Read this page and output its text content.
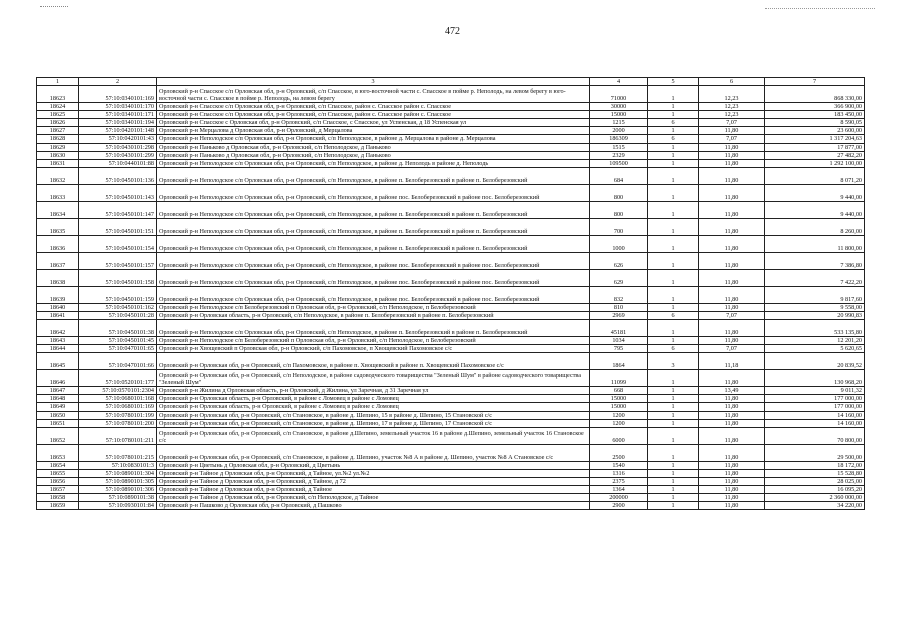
472
1	2	3	4	5	6	7
18623	57:10:0340101:169	Орловский р-н Спасское с/п Орловская обл, р-н Орловский, с/п Спасское, в юго-восточной части с. Спасское в пойме р. Неполодь, на левом берегу в юго-восточной части с. Спасское в пойме р. Неполодь, на левом берегу	71000	1	12,23	868 330,00
18624	57:10:0340101:170	Орловский р-н Спасское с/п Орловская обл, р-н Орловский, с/п Спасское, район с. Спасское район с. Спасское	30000	1	12,23	366 900,00
18625	57:10:0340101:171	Орловский р-н Спасское с/п Орловская обл, р-н Орловский, с/п Спасское, район с. Спасское район с. Спасское	15000	1	12,23	183 450,00
18626	57:10:0340101:194	Орловский р-н Спасское с Орловская обл, р-н Орловский, с/п Спасское, с Спасское, ул Успенская, д 18 Успенская ул	1215	6	7,07	8 590,05
18627	57:10:0420101:148	Орловский р-н Мерцалова д Орловская обл, р-н Орловский, д Мерцалова	2000	1	11,80	23 600,00
18628	57:10:0420101:43	Орловский р-н Неполодское с/п Орловская обл, р-н Орловский, с/п Неполодское, в районе д. Мерцалова в районе д. Мерцалова	186309	6	7,07	1 317 204,63
18629	57:10:0430101:298	Орловский р-н Паньково д Орловская обл, р-н Орловский, с/п Неполодское, д Паньково	1515	1	11,80	17 877,00
18630	57:10:0430101:299	Орловский р-н Паньково д Орловская обл, р-н Орловский, с/п Неполодское, д Паньково	2329	1	11,80	27 482,20
18631	57:10:0440101:88	Орловский р-н Неполодское с/п Орловская обл, р-н Орловский, с/п Неполодское, в районе д. Неполодь в районе д. Неполодь	109500	1	11,80	1 292 100,00
18632	57:10:0450101:136	Орловский р-н Неполодское с/п Орловская обл, р-н Орловский, с/п Неполодское, в районе п. Белоберезовский в районе п. Белоберезовский	684	1	11,80	8 071,20
18633	57:10:0450101:143	Орловский р-н Неполодское с/п Орловская обл, р-н Орловский, с/п Неполодское, в районе пос. Белоберезовский в районе пос. Белоберезовский	800	1	11,80	9 440,00
18634	57:10:0450101:147	Орловский р-н Неполодское с/п Орловская обл, р-н Орловский, с/п Неполодское, в районе п. Белоберезовский в районе п. Белоберезовский	800	1	11,80	9 440,00
18635	57:10:0450101:151	Орловский р-н Неполодское с/п Орловская обл, р-н Орловский, с/п Неполодское, в районе п. Белоберезовский в районе п. Белоберезовский	700	1	11,80	8 260,00
18636	57:10:0450101:154	Орловский р-н Неполодское с/п Орловская обл, р-н Орловский, с/п Неполодское, в районе п. Белоберезовский в районе п. Белоберезовский	1000	1	11,80	11 800,00
18637	57:10:0450101:157	Орловский р-н Неполодское с/п Орловская обл, р-н Орловский, с/п Неполодское, в районе пос. Белоберезовский в районе пос. Белоберезовский	626	1	11,80	7 386,80
18638	57:10:0450101:158	Орловский р-н Неполодское с/п Орловская обл, р-н Орловский, с/п Неполодское, в районе пос. Белоберезовский в районе пос. Белоберезовский	629	1	11,80	7 422,20
18639	57:10:0450101:159	Орловский р-н Неполодское с/п Орловская обл, р-н Орловский, с/п Неполодское, в районе пос. Белоберезовский в районе пос. Белоберезовский	832	1	11,80	9 817,60
18640	57:10:0450101:162	Орловский р-н Неполодское с/п Белоберезовский п Орловская обл, р-н Орловский, с/п Неполодское, п Белоберезовский	810	1	11,80	9 558,00
18641	57:10:0450101:28	Орловский р-н Орловская область, р-н Орловский, с/п Неполодское, в районе п. Белоберезовский в районе п. Белоберезовский	2969	6	7,07	20 990,83
18642	57:10:0450101:38	Орловский р-н Неполодское с/п Орловская обл, р-н Орловский, с/п Неполодское, в районе п. Белоберезовский в районе п. Белоберезовский	45181	1	11,80	533 135,80
18643	57:10:0450101:45	Орловский р-н Неполодское с/п Белоберезовский п Орловская обл, р-н Орловский, с/п Неполодское, п Белоберезовский	1034	1	11,80	12 201,20
18644	57:10:0470101:65	Орловский р-н Хвощевский п Орловская обл, р-н Орловский, с/п Пахомовское, п Хвощевский Пахомовское с/с	795	6	7,07	5 620,65
18645	57:10:0470101:66	Орловский р-н Орловская обл, р-н Орловский, с/п Пахомовское, в районе п. Хвощевский в районе п. Хвощевский Пахомовское с/с	1864	3	11,18	20 839,52
18646	57:10:0520101:177	Орловский р-н Орловская обл, р-н Орловский, с/п Неполодское, в районе садоводческого товарищества "Зеленый Шум" в районе садоводческого товарищества "Зеленый Шум"	11099	1	11,80	130 968,20
18647	57:10:0570101:2304	Орловский р-н Жилина д Орловская область, р-н Орловский, д Жилина, ул Заречная, д 31 Заречная ул	668	1	13,49	9 011,32
18648	57:10:0680101:168	Орловский р-н Орловская область, р-н Орловский, в районе с Ломовец в районе с Ломовец	15000	1	11,80	177 000,00
18649	57:10:0680101:169	Орловский р-н Орловская область, р-н Орловский, в районе с Ломовец в районе с Ломовец	15000	1	11,80	177 000,00
18650	57:10:0780101:199	Орловский р-н Орловская обл, р-н Орловский, с/п Становское, в районе д. Шепино, 15 в районе д. Шепино, 15 Становской с/с	1200	1	11,80	14 160,00
18651	57:10:0780101:200	Орловский р-н Орловская обл, р-н Орловский, с/п Становское, в районе д. Шепино, 17 в районе д. Шепино, 17 Становской с/с	1200	1	11,80	14 160,00
18652	57:10:0780101:211	Орловский р-н Орловская обл, р-н Орловский, с/п Становское, в районе д.Шепино, земельный участок 16 в районе д.Шепино, земельный участок 16 Становское с/с	6000	1	11,80	70 800,00
18653	57:10:0780101:215	Орловский р-н Орловская обл, р-н Орловский, с/п Становское, в районе д. Шепино, участок №8 А в районе д. Шепино, участок №8 А Становское с/с	2500	1	11,80	29 500,00
18654	57:10:0830101:3	Орловский р-н Цветынь д Орловская обл, р-н Орловский, д Цветынь	1540	1	11,80	18 172,00
18655	57:10:0890101:304	Орловский р-н Тайное д Орловская обл, р-н Орловский, д Тайное, ул.№2 ул.№2	1316	1	11,80	15 528,80
18656	57:10:0890101:305	Орловский р-н Тайное д Орловская обл, р-н Орловский, д Тайное, д 72	2375	1	11,80	28 025,00
18657	57:10:0890101:306	Орловский р-н Тайное д Орловская обл, р-н Орловский, д Тайное	1364	1	11,80	16 095,20
18658	57:10:0890101:38	Орловский р-н Тайное д Орловская обл, р-н Орловский, с/п Неполодское, д Тайное	200000	1	11,80	2 360 000,00
18659	57:10:0930101:84	Орловский р-н Пашково д Орловская обл, р-н Орловский, д Пашково	2900	1	11,80	34 220,00
